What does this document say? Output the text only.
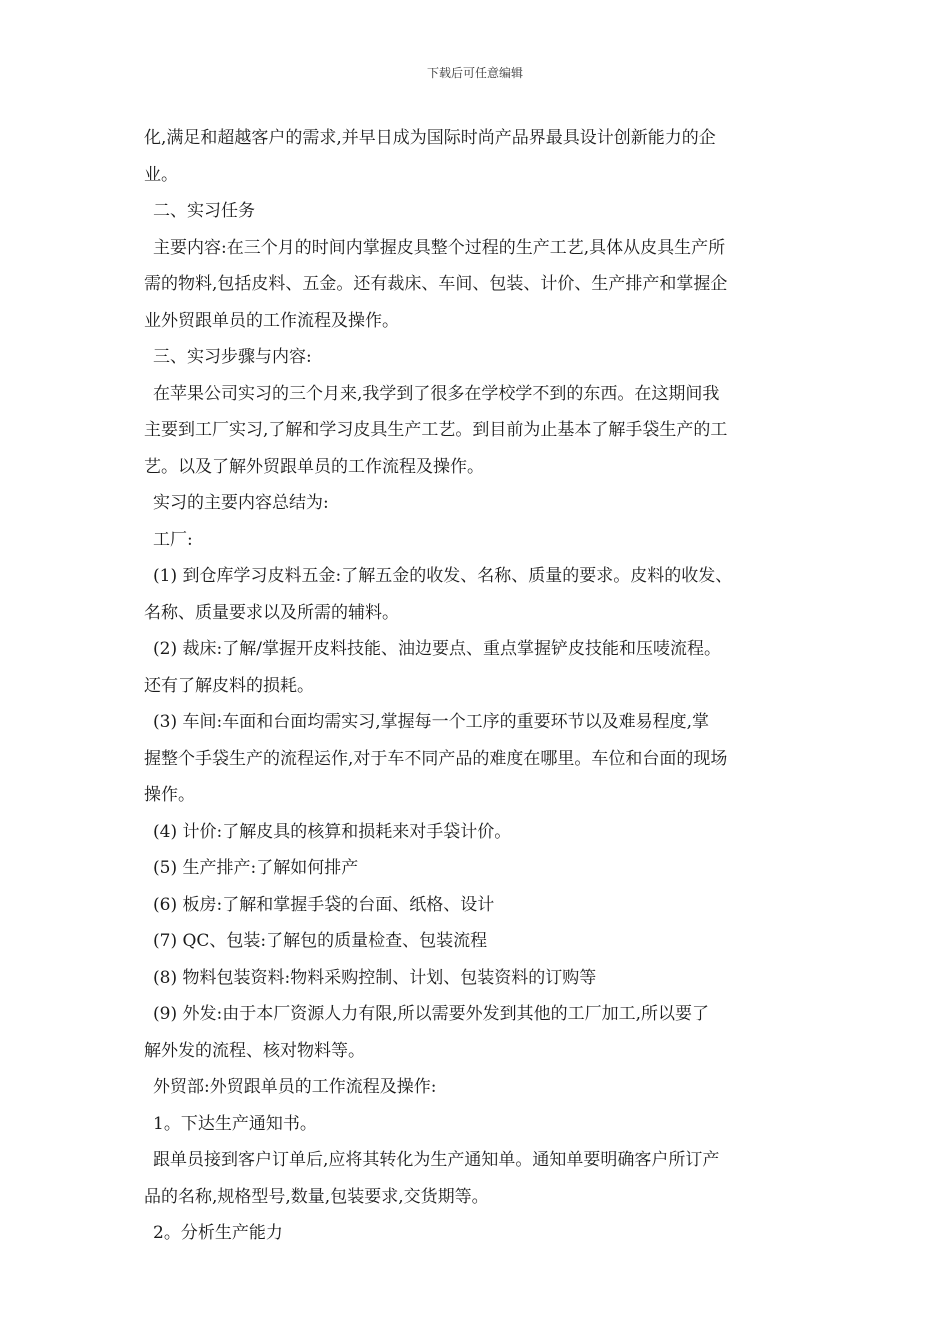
下载后可任意编辑
化,满足和超越客户的需求,并早日成为国际时尚产品界最具设计创新能力的企
业。
二、实习任务
主要内容:在三个月的时间内掌握皮具整个过程的生产工艺,具体从皮具生产所
需的物料,包括皮料、五金。还有裁床、车间、包装、计价、生产排产和掌握企
业外贸跟单员的工作流程及操作。
三、实习步骤与内容:
在苹果公司实习的三个月来,我学到了很多在学校学不到的东西。在这期间我
主要到工厂实习,了解和学习皮具生产工艺。到目前为止基本了解手袋生产的工
艺。以及了解外贸跟单员的工作流程及操作。
实习的主要内容总结为:
工厂:
(1) 到仓库学习皮料五金:了解五金的收发、名称、质量的要求。皮料的收发、
名称、质量要求以及所需的辅料。
(2) 裁床:了解/掌握开皮料技能、油边要点、重点掌握铲皮技能和压唛流程。
还有了解皮料的损耗。
(3) 车间:车面和台面均需实习,掌握每一个工序的重要环节以及难易程度,掌
握整个手袋生产的流程运作,对于车不同产品的难度在哪里。车位和台面的现场
操作。
(4) 计价:了解皮具的核算和损耗来对手袋计价。
(5) 生产排产:了解如何排产
(6) 板房:了解和掌握手袋的台面、纸格、设计
(7) QC、包装:了解包的质量检查、包装流程
(8) 物料包装资料:物料采购控制、计划、包装资料的订购等
(9) 外发:由于本厂资源人力有限,所以需要外发到其他的工厂加工,所以要了
解外发的流程、核对物料等。
外贸部:外贸跟单员的工作流程及操作:
1。下达生产通知书。
跟单员接到客户订单后,应将其转化为生产通知单。通知单要明确客户所订产
品的名称,规格型号,数量,包装要求,交货期等。
2。分析生产能力
